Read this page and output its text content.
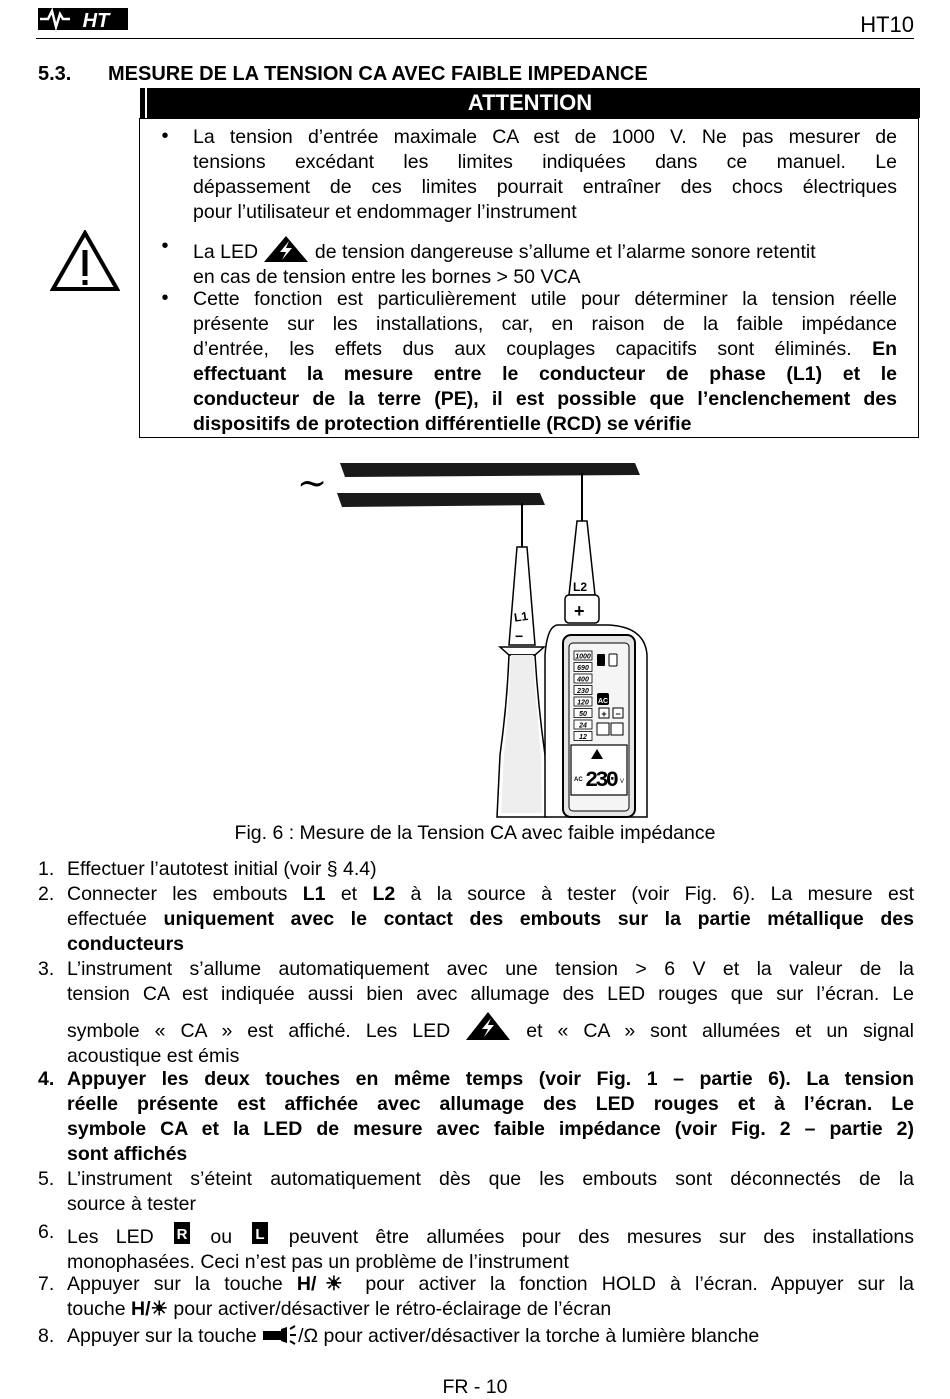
HT	HT10
5.3. MESURE DE LA TENSION CA AVEC FAIBLE IMPEDANCE
ATTENTION
• La tension d’entrée maximale CA est de 1000 V. Ne pas mesurer de
tensions excédant les limites indiquées dans ce manuel. Le
dépassement de ces limites pourrait entraîner des chocs électriques
pour l’utilisateur et endommager l’instrument
• La LED	de tension dangereuse s’allume et l’alarme sonore retentit
en cas de tension entre les bornes > 50 VCA
• Cette fonction est particulièrement utile pour déterminer la tension réelle
présente sur les installations, car, en raison de la faible impédance
d’entrée, les effets dus aux couplages capacitifs sont éliminés. En
effectuant la mesure entre le conducteur de phase (L1) et le
conducteur de la terre (PE), il est possible que l’enclenchement des
dispositifs de protection différentielle (RCD) se vérifie
~
L1
−
L2
+
1000
690
400
230
120
50
24
12
AC
+ −
AC 230 V
Fig. 6 : Mesure de la Tension CA avec faible impédance
1. Effectuer l’autotest initial (voir § 4.4)
2. Connecter les embouts L1 et L2 à la source à tester (voir Fig. 6). La mesure est
effectuée uniquement avec le contact des embouts sur la partie métallique des
conducteurs
3. L’instrument s’allume automatiquement avec une tension > 6 V et la valeur de la
tension CA est indiquée aussi bien avec allumage des LED rouges que sur l’écran. Le
symbole « CA » est affiché. Les LED	et « CA » sont allumées et un signal
acoustique est émis
4. Appuyer les deux touches en même temps (voir Fig. 1 – partie 6). La tension
réelle présente est affichée avec allumage des LED rouges et à l’écran. Le
symbole CA et la LED de mesure avec faible impédance (voir Fig. 2 – partie 2)
sont affichés
5. L’instrument s’éteint automatiquement dès que les embouts sont déconnectés de la
source à tester
6. Les LED R ou L peuvent être allumées pour des mesures sur des installations
monophasées. Ceci n’est pas un problème de l’instrument
7. Appuyer sur la touche H/☀ pour activer la fonction HOLD à l’écran. Appuyer sur la
touche H/☀ pour activer/désactiver le rétro-éclairage de l’écran
8. Appuyer sur la touche /Ω pour activer/désactiver la torche à lumière blanche
FR - 10
